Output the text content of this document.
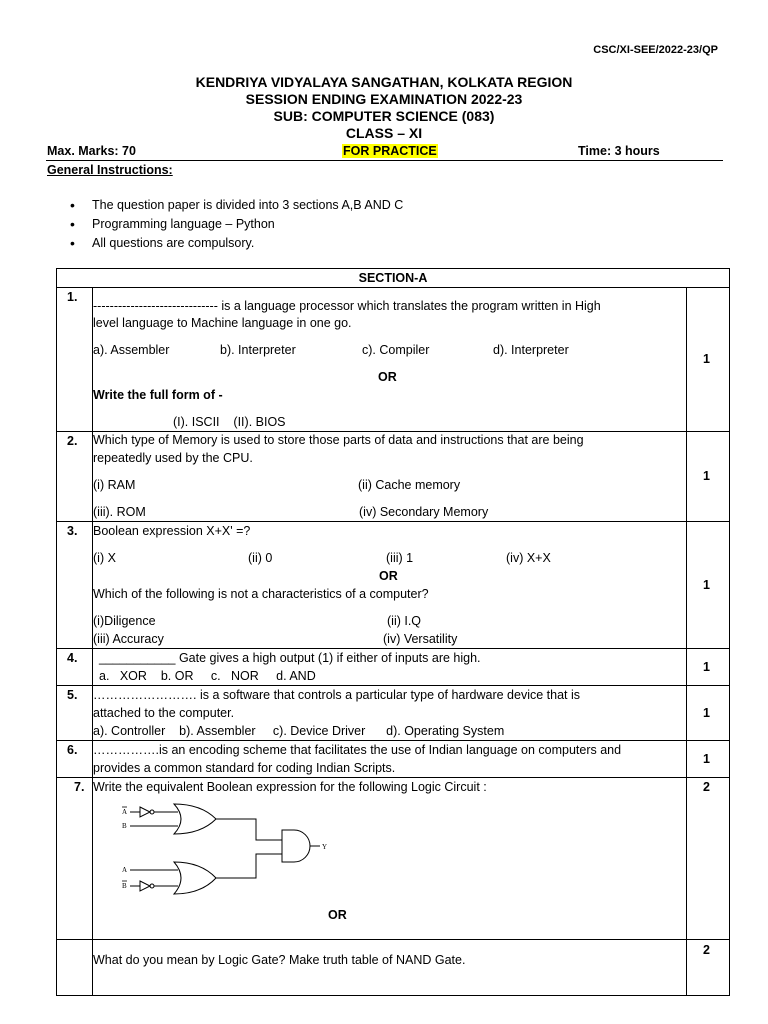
CSC/XI-SEE/2022-23/QP
KENDRIYA VIDYALAYA SANGATHAN, KOLKATA REGION
SESSION ENDING EXAMINATION 2022-23
SUB: COMPUTER SCIENCE (083)
CLASS – XI
Max. Marks: 70	FOR PRACTICE	Time: 3 hours
General Instructions:
• The question paper is divided into 3 sections A,B AND C
• Programming language – Python
• All questions are compulsory.
SECTION-A
1.
------------------------------ is a language processor which translates the program written in High
level language to Machine language in one go.
a). Assembler	b). Interpreter	c). Compiler	d). Interpreter
OR
Write the full form of -
(I). ISCII    (II). BIOS
1
2. Which type of Memory is used to store those parts of data and instructions that are being
repeatedly used by the CPU.
(i) RAM	(ii) Cache memory
(iii). ROM	(iv) Secondary Memory
1
3. Boolean expression X+X' =?
(i) X	(ii) 0	(iii) 1	(iv) X+X
OR
Which of the following is not a characteristics of a computer?
(i)Diligence	(ii) I.Q
(iii) Accuracy	(iv) Versatility
1
4. ___________ Gate gives a high output (1) if either of inputs are high.
a.   XOR    b. OR     c.   NOR     d. AND
1
5. ……………………. is a software that controls a particular type of hardware device that is
attached to the computer.
a). Controller    b). Assembler     c). Device Driver      d). Operating System
1
6. …………….is an encoding scheme that facilitates the use of Indian language on computers and
provides a common standard for coding Indian Scripts.
1
7. Write the equivalent Boolean expression for the following Logic Circuit :	2
A
B
A
B
Y
OR
What do you mean by Logic Gate? Make truth table of NAND Gate.
2
